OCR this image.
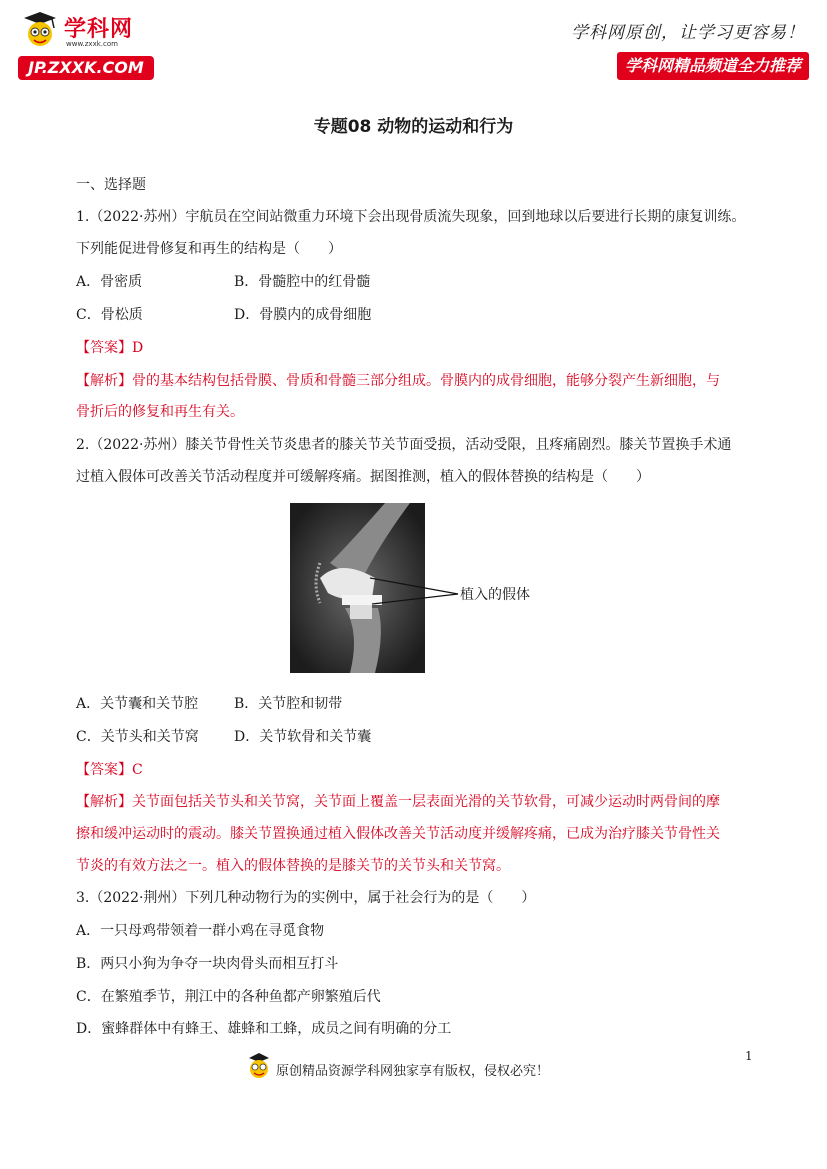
学科网
www.zxxk.com
JP.ZXXK.COM
学科网原创，让学习更容易！
学科网精品频道全力推荐
专题08 动物的运动和行为
一、选择题
1.（2022·苏州）宇航员在空间站微重力环境下会出现骨质流失现象，回到地球以后要进行长期的康复训练。
下列能促进骨修复和再生的结构是（　　）
A．骨密质	B．骨髓腔中的红骨髓
C．骨松质	D．骨膜内的成骨细胞
【答案】D
【解析】骨的基本结构包括骨膜、骨质和骨髓三部分组成。骨膜内的成骨细胞，能够分裂产生新细胞，与
骨折后的修复和再生有关。
2.（2022·苏州）膝关节骨性关节炎患者的膝关节关节面受损，活动受限，且疼痛剧烈。膝关节置换手术通
过植入假体可改善关节活动程度并可缓解疼痛。据图推测，植入的假体替换的结构是（　　）
植入的假体
A．关节囊和关节腔	B．关节腔和韧带
C．关节头和关节窝	D．关节软骨和关节囊
【答案】C
【解析】关节面包括关节头和关节窝，关节面上覆盖一层表面光滑的关节软骨，可减少运动时两骨间的摩
擦和缓冲运动时的震动。膝关节置换通过植入假体改善关节活动度并缓解疼痛，已成为治疗膝关节骨性关
节炎的有效方法之一。植入的假体替换的是膝关节的关节头和关节窝。
3.（2022·荆州）下列几种动物行为的实例中，属于社会行为的是（　　）
A．一只母鸡带领着一群小鸡在寻觅食物
B．两只小狗为争夺一块肉骨头而相互打斗
C．在繁殖季节，荆江中的各种鱼都产卵繁殖后代
D．蜜蜂群体中有蜂王、雄蜂和工蜂，成员之间有明确的分工
1
原创精品资源学科网独家享有版权，侵权必究！
